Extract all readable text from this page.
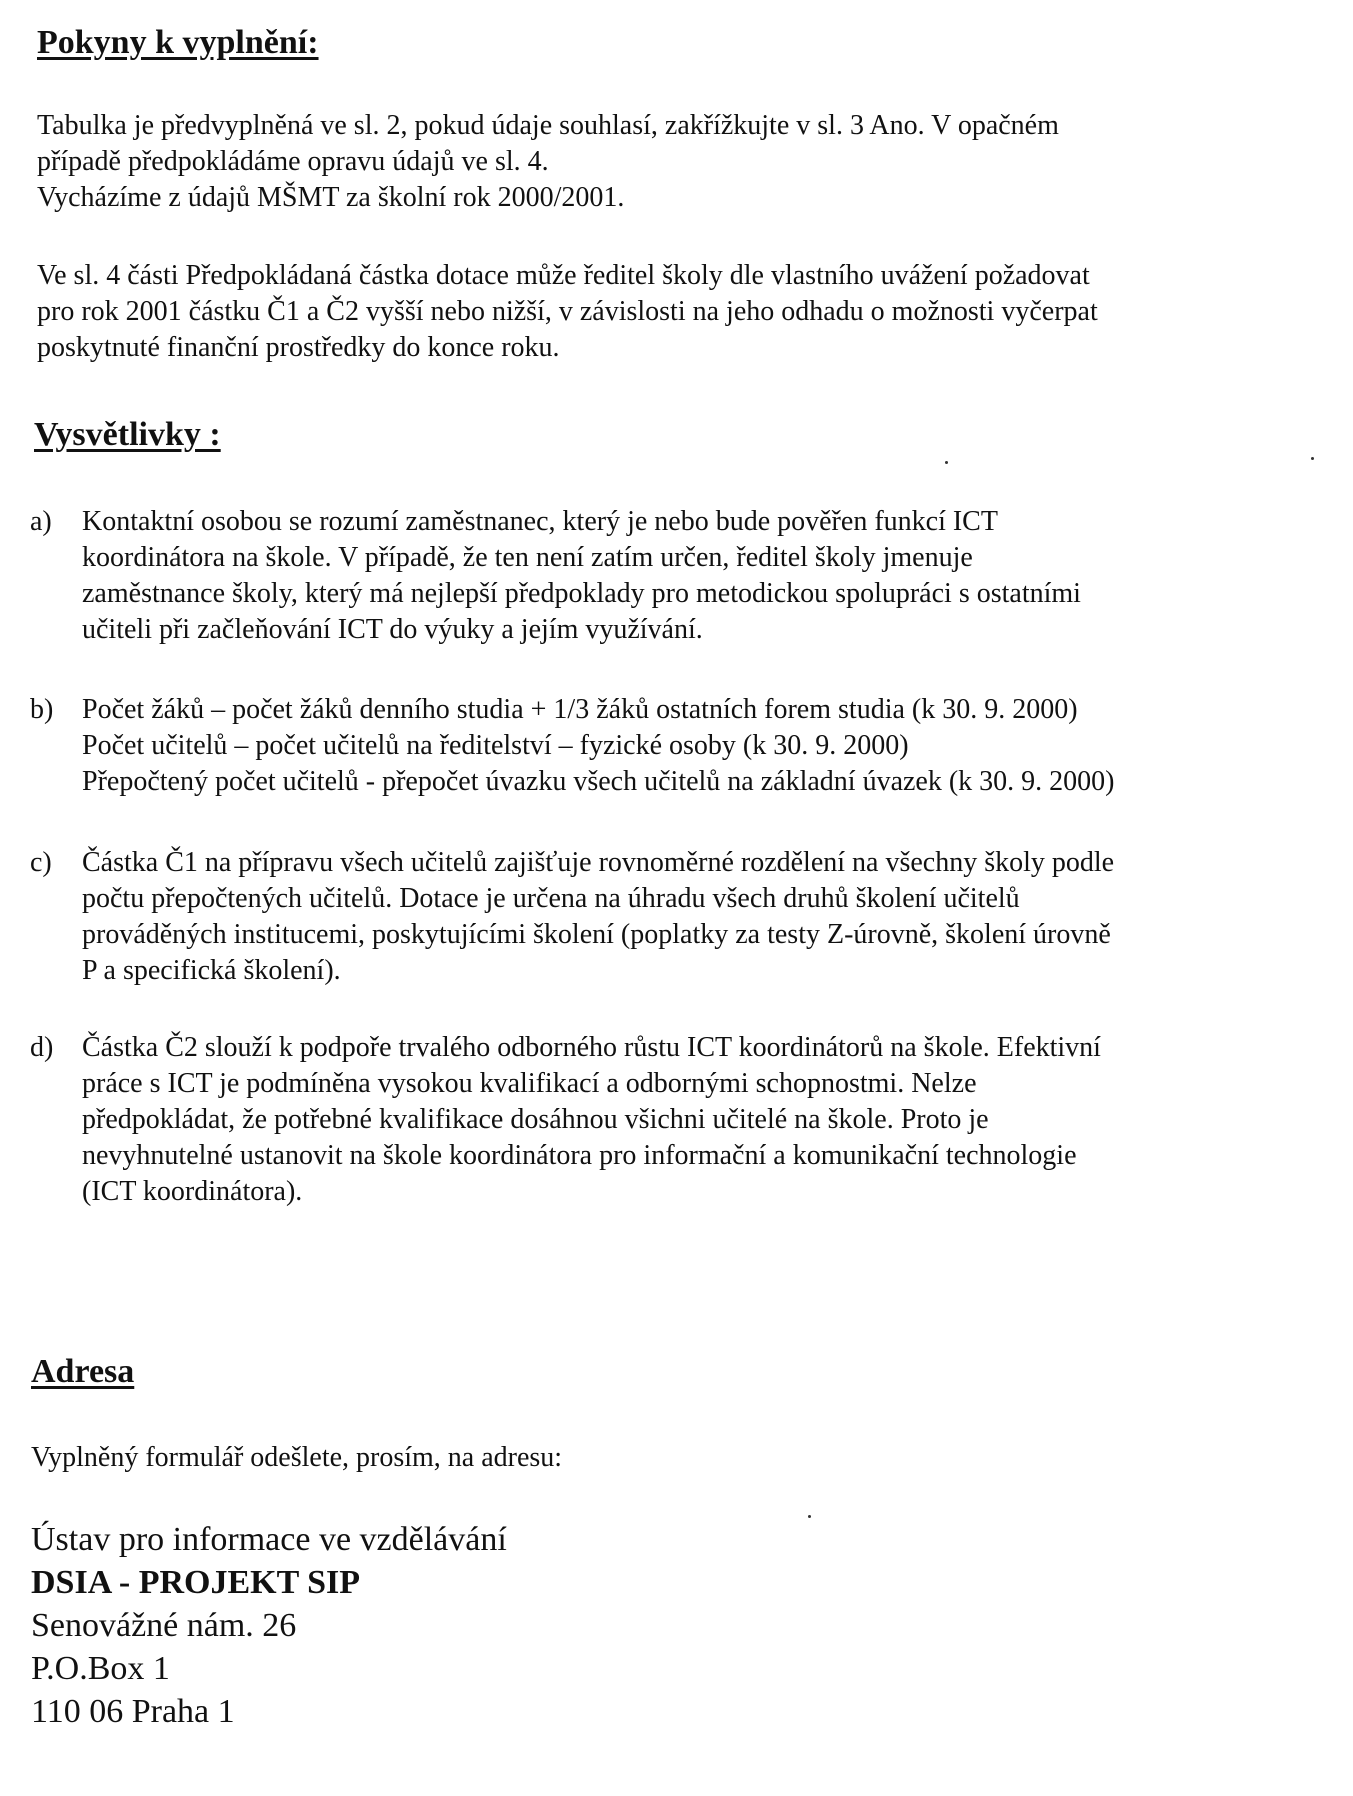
Pokyny k vyplnění:

Tabulka je předvyplněná ve sl. 2, pokud údaje souhlasí, zakřížkujte v sl. 3 Ano. V opačném
případě předpokládáme opravu údajů ve sl. 4.
Vycházíme z údajů MŠMT za školní rok 2000/2001.

Ve sl. 4 části Předpokládaná částka dotace může ředitel školy dle vlastního uvážení požadovat
pro rok 2001 částku Č1 a Č2 vyšší nebo nižší, v závislosti na jeho odhadu o možnosti vyčerpat
poskytnuté finanční prostředky do konce roku.

Vysvětlivky :
a) Kontaktní osobou se rozumí zaměstnanec, který je nebo bude pověřen funkcí ICT
koordinátora na škole. V případě, že ten není zatím určen, ředitel školy jmenuje
zaměstnance školy, který má nejlepší předpoklady pro metodickou spolupráci s ostatními
učiteli při začleňování ICT do výuky a jejím využívání.
b) Počet žáků – počet žáků denního studia + 1/3 žáků ostatních forem studia (k 30. 9. 2000)
Počet učitelů – počet učitelů na ředitelství – fyzické osoby (k 30. 9. 2000)
Přepočtený počet učitelů - přepočet úvazku všech učitelů na základní úvazek (k 30. 9. 2000)
c) Částka Č1 na přípravu všech učitelů zajišťuje rovnoměrné rozdělení na všechny školy podle
počtu přepočtených učitelů. Dotace je určena na úhradu všech druhů školení učitelů
prováděných institucemi, poskytujícími školení (poplatky za testy Z-úrovně, školení úrovně
P a specifická školení).
d) Částka Č2 slouží k podpoře trvalého odborného růstu ICT koordinátorů na škole. Efektivní
práce s ICT je podmíněna vysokou kvalifikací a odbornými schopnostmi. Nelze
předpokládat, že potřebné kvalifikace dosáhnou všichni učitelé na škole. Proto je
nevyhnutelné ustanovit na škole koordinátora pro informační a komunikační technologie
(ICT koordinátora).
Adresa

Vyplněný formulář odešlete, prosím, na adresu:

Ústav pro informace ve vzdělávání

DSIA - PROJEKT SIP

Senovážné nám. 26

P.O.Box 1

110 06 Praha 1
